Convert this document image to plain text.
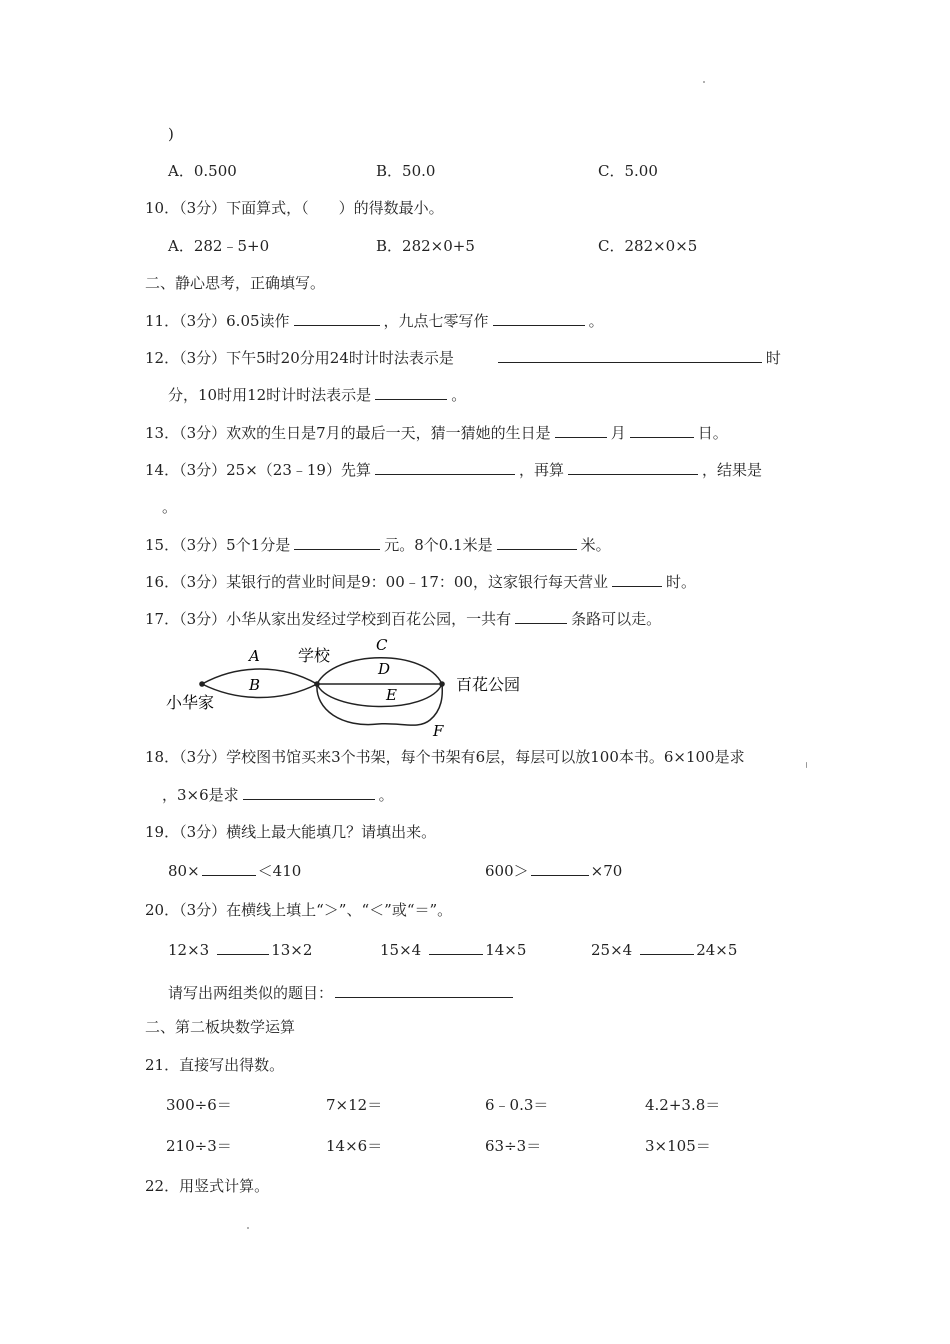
)
A．0.500	B．50.0	C．5.00
10．（3分）下面算式，（　　）的得数最小。
A．282﹣5+0	B．282×0+5	C．282×0×5
二、静心思考，正确填写。
11．（3分）6.05读作	，九点七零写作	。
12．（3分）下午5时20分用24时计时法表示是	时
分，10时用12时计时法表示是	。
13．（3分）欢欢的生日是7月的最后一天，猜一猜她的生日是	月	日。
14．（3分）25×（23﹣19）先算	，再算	，结果是
。
15．（3分）5个1分是	元。8个0.1米是	米。
16．（3分）某银行的营业时间是9：00﹣17：00，这家银行每天营业	时。
17．（3分）小华从家出发经过学校到百花公园，一共有	条路可以走。
A
B
学校
C
D
E
F
小华家
百花公园
18．（3分）学校图书馆买来3个书架，每个书架有6层，每层可以放100本书。6×100是求
，3×6是求	。
19．（3分）横线上最大能填几？请填出来。
80×	＜410	600＞	×70
20．（3分）在横线上填上“＞”、“＜”或“＝”。
12×3	13×2	15×4	14×5	25×4	24×5
请写出两组类似的题目：
二、第二板块数学运算
21．直接写出得数。
300÷6＝	7×12＝	6﹣0.3＝	4.2+3.8＝
210÷3＝	14×6＝	63÷3＝	3×105＝
22．用竖式计算。
